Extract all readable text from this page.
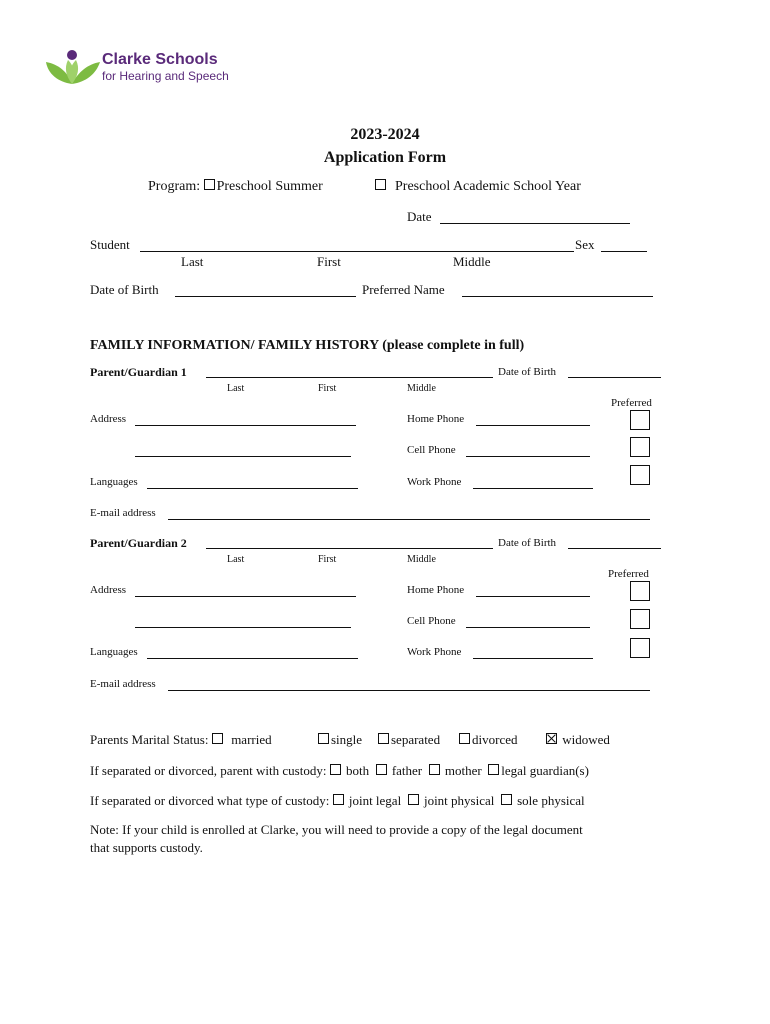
Clarke Schools
for Hearing and Speech
2023-2024
Application Form
Program: Preschool Summer	Preschool Academic School Year
Date
Student	Sex
Last	First	Middle
Date of Birth	Preferred Name
FAMILY INFORMATION/ FAMILY HISTORY (please complete in full)
Parent/Guardian 1	Date of Birth
Last	First	Middle
Preferred
Address	Home Phone
Cell Phone
Languages	Work Phone
E-mail address
Parent/Guardian 2	Date of Birth
Last	First	Middle
Preferred
Address	Home Phone
Cell Phone
Languages	Work Phone
E-mail address
Parents Marital Status: married	single	separated	divorced	widowed
If separated or divorced, parent with custody: both father mother legal guardian(s)
If separated or divorced what type of custody: joint legal joint physical sole physical
Note: If your child is enrolled at Clarke, you will need to provide a copy of the legal document
that supports custody.
